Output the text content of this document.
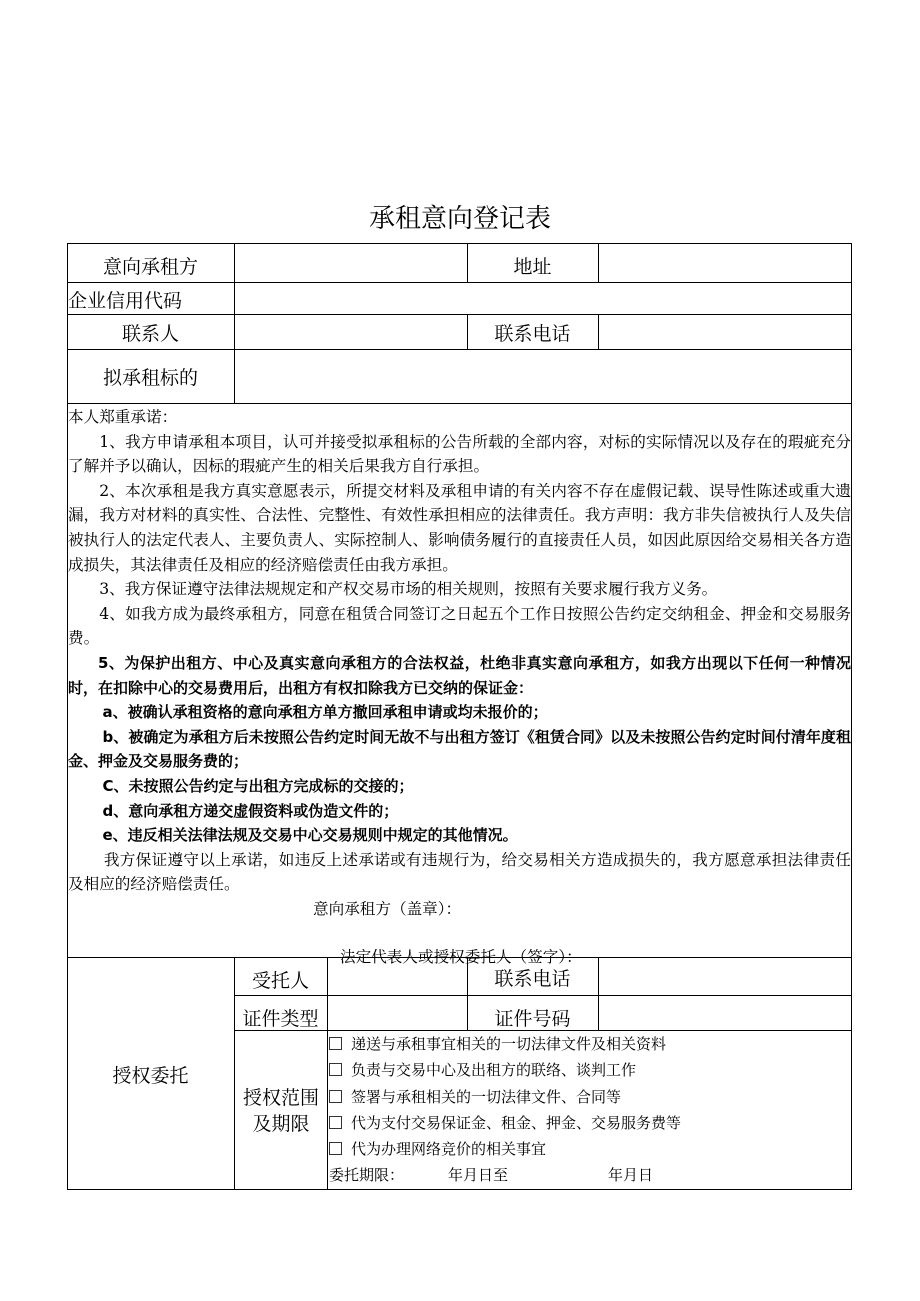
承租意向登记表
意向承租方	地址
企业信用代码
联系人	联系电话
拟承租标的

本人郑重承诺：

1、我方申请承租本项目，认可并接受拟承租标的公告所载的全部内容，对标的实际情况以及存在的瑕疵充分了解并予以确认，因标的瑕疵产生的相关后果我方自行承担。

2、本次承租是我方真实意愿表示，所提交材料及承租申请的有关内容不存在虚假记载、误导性陈述或重大遗漏，我方对材料的真实性、合法性、完整性、有效性承担相应的法律责任。我方声明：我方非失信被执行人及失信被执行人的法定代表人、主要负责人、实际控制人、影响债务履行的直接责任人员，如因此原因给交易相关各方造成损失，其法律责任及相应的经济赔偿责任由我方承担。

3、我方保证遵守法律法规规定和产权交易市场的相关规则，按照有关要求履行我方义务。

4、如我方成为最终承租方，同意在租赁合同签订之日起五个工作日按照公告约定交纳租金、押金和交易服务费。

5、为保护出租方、中心及真实意向承租方的合法权益，杜绝非真实意向承租方，如我方出现以下任何一种情况时，在扣除中心的交易费用后，出租方有权扣除我方已交纳的保证金：

a、被确认承租资格的意向承租方单方撤回承租申请或均未报价的；

b、被确定为承租方后未按照公告约定时间无故不与出租方签订《租赁合同》以及未按照公告约定时间付清年度租金、押金及交易服务费的；

C、未按照公告约定与出租方完成标的交接的；

d、意向承租方递交虚假资料或伪造文件的；

e、违反相关法律法规及交易中心交易规则中规定的其他情况。

我方保证遵守以上承诺，如违反上述承诺或有违规行为，给交易相关方造成损失的，我方愿意承担法律责任及相应的经济赔偿责任。

意向承租方（盖章）：

法定代表人或授权委托人（签字）：

授权委托
受托人	联系电话
证件类型	证件号码
授权范围及期限
递送与承租事宜相关的一切法律文件及相关资料
负责与交易中心及出租方的联络、谈判工作
签署与承租相关的一切法律文件、合同等
代为支付交易保证金、租金、押金、交易服务费等
代为办理网络竞价的相关事宜
委托期限：	年月日至	年月日
